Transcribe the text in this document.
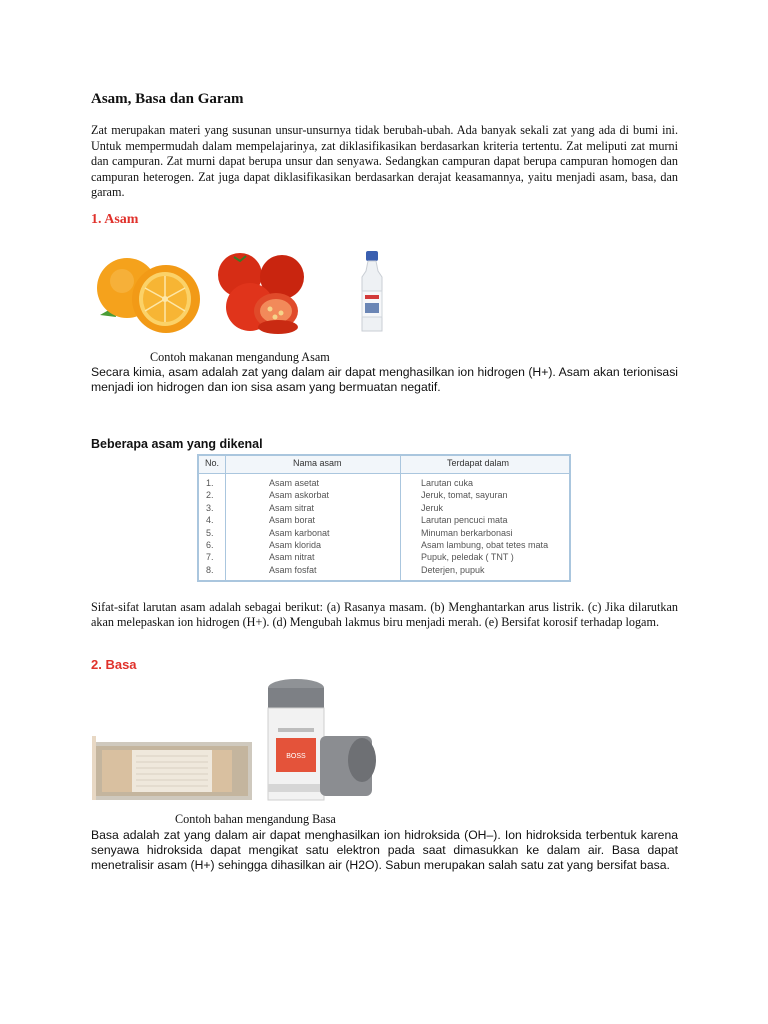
Asam, Basa dan Garam
Zat merupakan materi yang susunan unsur-unsurnya tidak berubah-ubah. Ada banyak sekali zat yang ada di bumi ini. Untuk mempermudah dalam mempelajarinya, zat diklasifikasikan berdasarkan kriteria tertentu. Zat meliputi zat murni dan campuran. Zat murni dapat berupa unsur dan senyawa. Sedangkan campuran dapat berupa campuran homogen dan campuran heterogen. Zat juga dapat diklasifikasikan berdasarkan derajat keasamannya, yaitu menjadi asam, basa, dan garam.
1. Asam
Contoh makanan mengandung Asam
Secara kimia, asam adalah zat yang dalam air dapat menghasilkan ion hidrogen (H+). Asam akan terionisasi menjadi ion hidrogen dan ion sisa asam yang bermuatan negatif.
Beberapa asam yang dikenal
No.	Nama asam	Terdapat dalam
1.	Asam asetat	Larutan cuka
2.	Asam askorbat	Jeruk, tomat, sayuran
3.	Asam sitrat	Jeruk
4.	Asam borat	Larutan pencuci mata
5.	Asam karbonat	Minuman berkarbonasi
6.	Asam klorida	Asam lambung, obat tetes mata
7.	Asam nitrat	Pupuk, peledak ( TNT )
8.	Asam fosfat	Deterjen, pupuk
Sifat-sifat larutan asam adalah sebagai berikut: (a) Rasanya masam. (b) Menghantarkan arus listrik. (c) Jika dilarutkan akan melepaskan ion hidrogen (H+). (d) Mengubah lakmus biru menjadi merah. (e) Bersifat korosif terhadap logam.
2. Basa
BOSS
Contoh bahan mengandung Basa
Basa adalah zat yang dalam air dapat menghasilkan ion hidroksida (OH–). Ion hidroksida terbentuk karena senyawa hidroksida dapat mengikat satu elektron pada saat dimasukkan ke dalam air. Basa dapat menetralisir asam (H+) sehingga dihasilkan air (H2O). Sabun merupakan salah satu zat yang bersifat basa.
